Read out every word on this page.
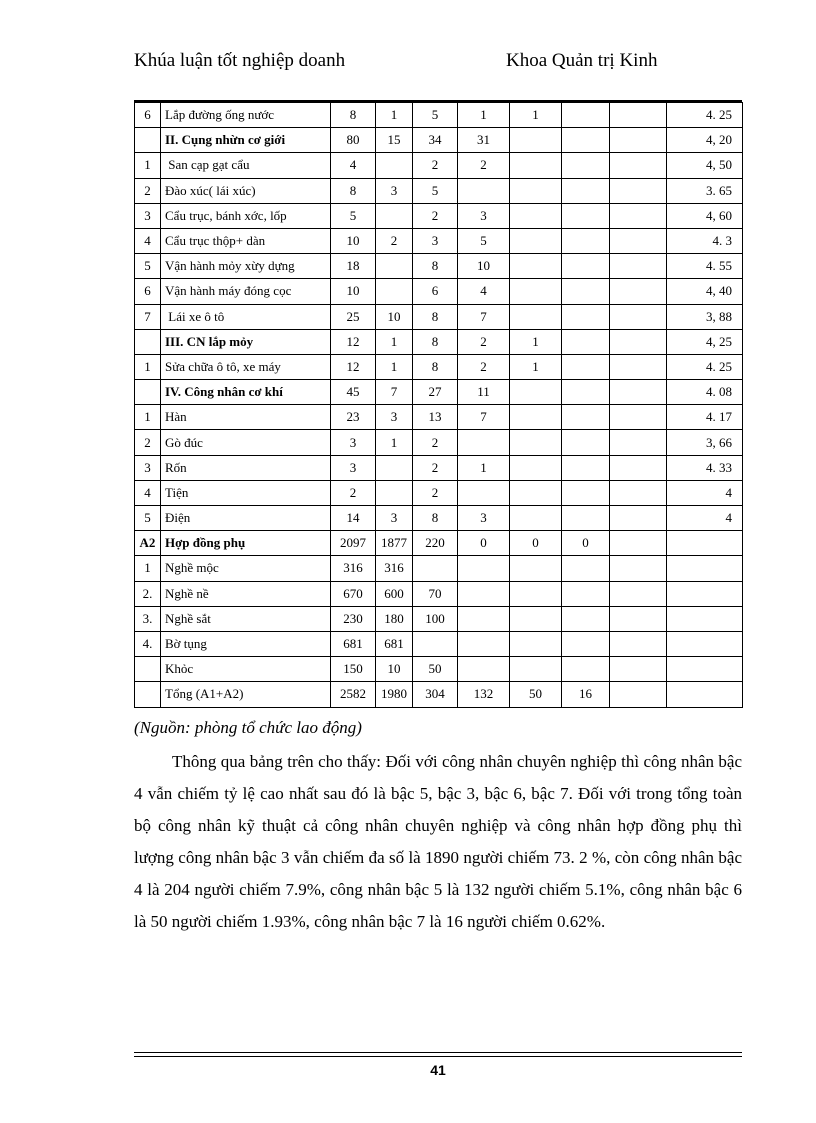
Khúa luận tốt nghiệp doanh	Khoa Quản trị Kinh
6	Lắp đường ống nước	8	1	5	1	1			4. 25
	II. Cụng nhừn cơ giới	80	15	34	31				4, 20
1	San cạp gạt cẩu	4		2	2				4, 50
2	Đào xúc( lái xúc)	8	3	5					3. 65
3	Cẩu trục, bánh xớc, lốp	5		2	3				4, 60
4	Cẩu trục thộp+ dàn	10	2	3	5				4. 3
5	Vận hành mỏy xừy dựng	18		8	10				4. 55
6	Vận hành máy đóng cọc	10		6	4				4, 40
7	Lái xe ô tô	25	10	8	7				3, 88
	III. CN lắp mỏy	12	1	8	2	1			4, 25
1	Sửa chữa ô tô, xe máy	12	1	8	2	1			4. 25
	IV. Công nhân cơ khí	45	7	27	11				4. 08
1	Hàn	23	3	13	7				4. 17
2	Gò đúc	3	1	2					3, 66
3	Rốn	3		2	1				4. 33
4	Tiện	2		2					4
5	Điện	14	3	8	3				4
A2	Hợp đồng phụ	2097	1877	220	0	0	0		
1	Nghề mộc	316	316						
2.	Nghề nề	670	600	70					
3.	Nghề sắt	230	180	100					
4.	Bờ tụng	681	681						
	Khỏc	150	10	50					
	Tổng (A1+A2)	2582	1980	304	132	50	16		
(Nguồn: phòng tổ chức lao động)

Thông qua bảng trên cho thấy: Đối với công nhân chuyên nghiệp thì công nhân bậc 4 vẫn chiếm tỷ lệ cao nhất sau đó là bậc 5, bậc 3, bậc 6, bậc 7. Đối với trong tổng toàn bộ công nhân kỹ thuật cả công nhân chuyên nghiệp và công nhân hợp đồng phụ thì lượng công nhân bậc 3 vẫn chiếm đa số là 1890 người chiếm 73. 2 %, còn công nhân bậc 4 là 204 người chiếm 7.9%, công nhân bậc 5 là 132 người chiếm 5.1%, công nhân bậc 6 là 50 người chiếm 1.93%, công nhân bậc 7 là 16 người chiếm 0.62%.

41
